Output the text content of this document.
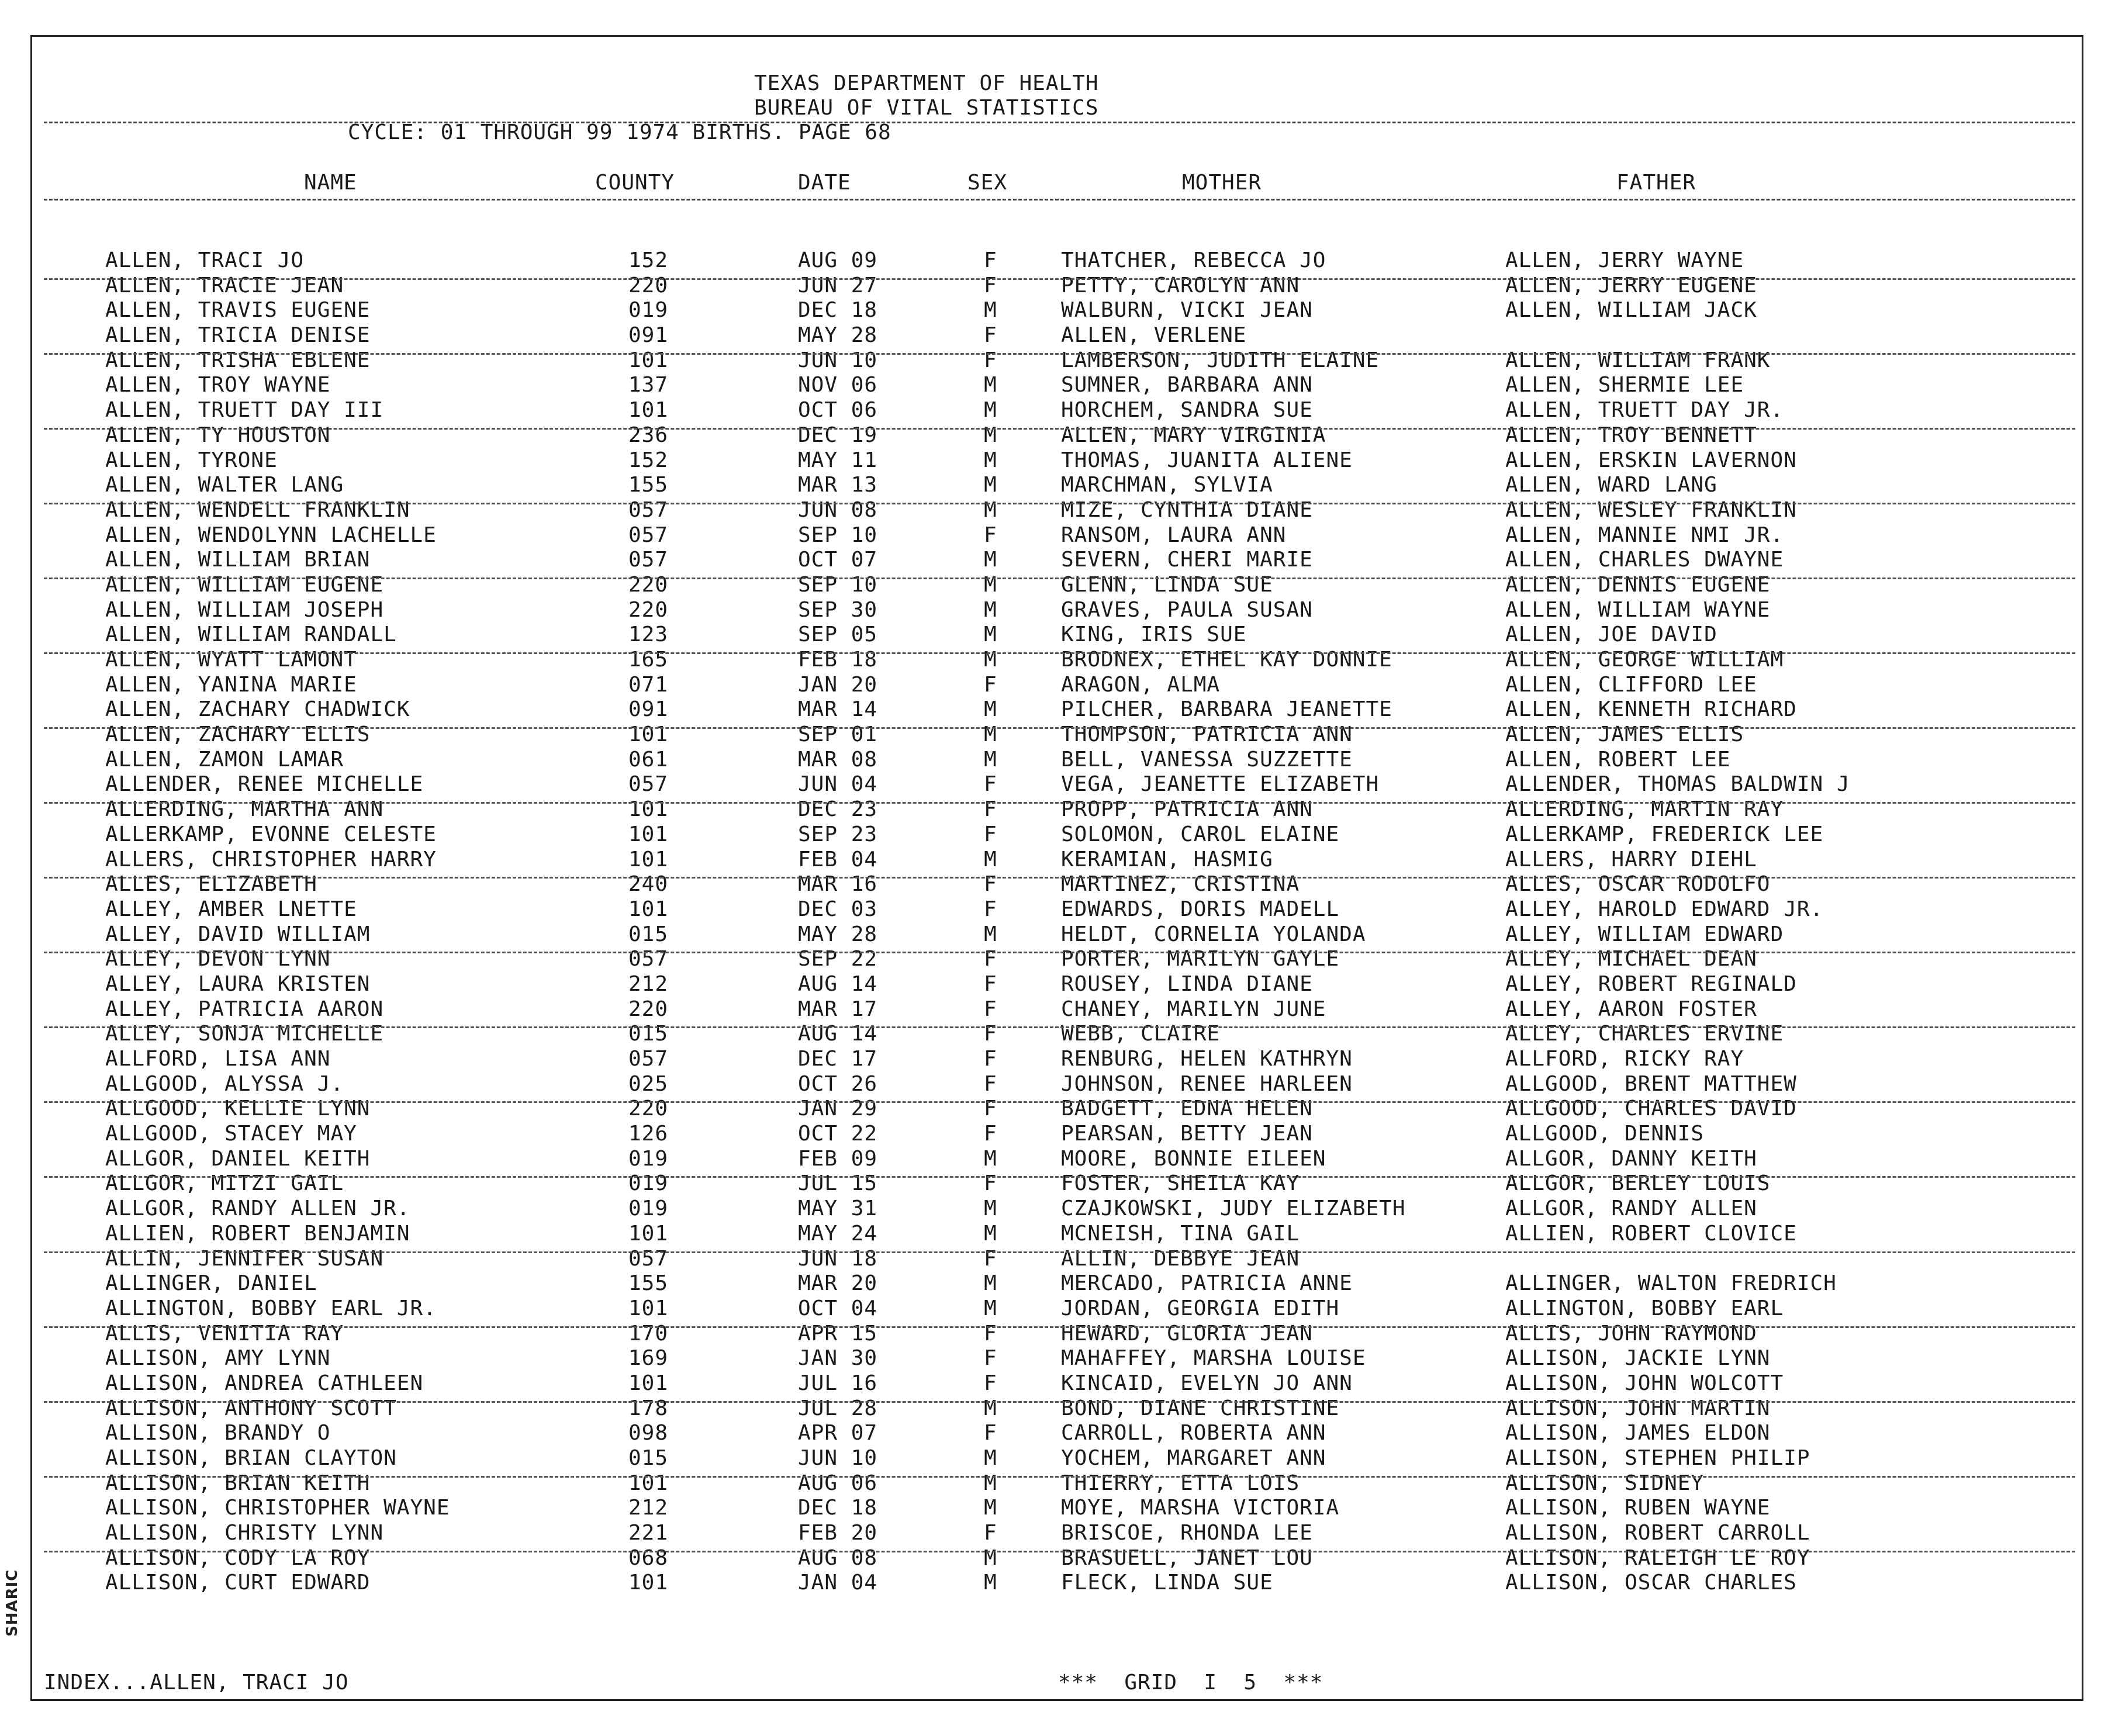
SHARIC
TEXAS DEPARTMENT OF HEALTH
BUREAU OF VITAL STATISTICS
CYCLE: 01 THROUGH 99 1974 BIRTHS. PAGE 68
NAME	COUNTY	DATE	SEX	MOTHER	FATHER
ALLEN, TRACI JO	152	AUG 09	F	THATCHER, REBECCA JO	ALLEN, JERRY WAYNE
ALLEN, TRACIE JEAN	220	JUN 27	F	PETTY, CAROLYN ANN	ALLEN, JERRY EUGENE
ALLEN, TRAVIS EUGENE	019	DEC 18	M	WALBURN, VICKI JEAN	ALLEN, WILLIAM JACK
ALLEN, TRICIA DENISE	091	MAY 28	F	ALLEN, VERLENE
ALLEN, TRISHA EBLENE	101	JUN 10	F	LAMBERSON, JUDITH ELAINE	ALLEN, WILLIAM FRANK
ALLEN, TROY WAYNE	137	NOV 06	M	SUMNER, BARBARA ANN	ALLEN, SHERMIE LEE
ALLEN, TRUETT DAY III	101	OCT 06	M	HORCHEM, SANDRA SUE	ALLEN, TRUETT DAY JR.
ALLEN, TY HOUSTON	236	DEC 19	M	ALLEN, MARY VIRGINIA	ALLEN, TROY BENNETT
ALLEN, TYRONE	152	MAY 11	M	THOMAS, JUANITA ALIENE	ALLEN, ERSKIN LAVERNON
ALLEN, WALTER LANG	155	MAR 13	M	MARCHMAN, SYLVIA	ALLEN, WARD LANG
ALLEN, WENDELL FRANKLIN	057	JUN 08	M	MIZE, CYNTHIA DIANE	ALLEN, WESLEY FRANKLIN
ALLEN, WENDOLYNN LACHELLE	057	SEP 10	F	RANSOM, LAURA ANN	ALLEN, MANNIE NMI JR.
ALLEN, WILLIAM BRIAN	057	OCT 07	M	SEVERN, CHERI MARIE	ALLEN, CHARLES DWAYNE
ALLEN, WILLIAM EUGENE	220	SEP 10	M	GLENN, LINDA SUE	ALLEN, DENNIS EUGENE
ALLEN, WILLIAM JOSEPH	220	SEP 30	M	GRAVES, PAULA SUSAN	ALLEN, WILLIAM WAYNE
ALLEN, WILLIAM RANDALL	123	SEP 05	M	KING, IRIS SUE	ALLEN, JOE DAVID
ALLEN, WYATT LAMONT	165	FEB 18	M	BRODNEX, ETHEL KAY DONNIE	ALLEN, GEORGE WILLIAM
ALLEN, YANINA MARIE	071	JAN 20	F	ARAGON, ALMA	ALLEN, CLIFFORD LEE
ALLEN, ZACHARY CHADWICK	091	MAR 14	M	PILCHER, BARBARA JEANETTE	ALLEN, KENNETH RICHARD
ALLEN, ZACHARY ELLIS	101	SEP 01	M	THOMPSON, PATRICIA ANN	ALLEN, JAMES ELLIS
ALLEN, ZAMON LAMAR	061	MAR 08	M	BELL, VANESSA SUZZETTE	ALLEN, ROBERT LEE
ALLENDER, RENEE MICHELLE	057	JUN 04	F	VEGA, JEANETTE ELIZABETH	ALLENDER, THOMAS BALDWIN J
ALLERDING, MARTHA ANN	101	DEC 23	F	PROPP, PATRICIA ANN	ALLERDING, MARTIN RAY
ALLERKAMP, EVONNE CELESTE	101	SEP 23	F	SOLOMON, CAROL ELAINE	ALLERKAMP, FREDERICK LEE
ALLERS, CHRISTOPHER HARRY	101	FEB 04	M	KERAMIAN, HASMIG	ALLERS, HARRY DIEHL
ALLES, ELIZABETH	240	MAR 16	F	MARTINEZ, CRISTINA	ALLES, OSCAR RODOLFO
ALLEY, AMBER LNETTE	101	DEC 03	F	EDWARDS, DORIS MADELL	ALLEY, HAROLD EDWARD JR.
ALLEY, DAVID WILLIAM	015	MAY 28	M	HELDT, CORNELIA YOLANDA	ALLEY, WILLIAM EDWARD
ALLEY, DEVON LYNN	057	SEP 22	F	PORTER, MARILYN GAYLE	ALLEY, MICHAEL DEAN
ALLEY, LAURA KRISTEN	212	AUG 14	F	ROUSEY, LINDA DIANE	ALLEY, ROBERT REGINALD
ALLEY, PATRICIA AARON	220	MAR 17	F	CHANEY, MARILYN JUNE	ALLEY, AARON FOSTER
ALLEY, SONJA MICHELLE	015	AUG 14	F	WEBB, CLAIRE	ALLEY, CHARLES ERVINE
ALLFORD, LISA ANN	057	DEC 17	F	RENBURG, HELEN KATHRYN	ALLFORD, RICKY RAY
ALLGOOD, ALYSSA J.	025	OCT 26	F	JOHNSON, RENEE HARLEEN	ALLGOOD, BRENT MATTHEW
ALLGOOD, KELLIE LYNN	220	JAN 29	F	BADGETT, EDNA HELEN	ALLGOOD, CHARLES DAVID
ALLGOOD, STACEY MAY	126	OCT 22	F	PEARSAN, BETTY JEAN	ALLGOOD, DENNIS
ALLGOR, DANIEL KEITH	019	FEB 09	M	MOORE, BONNIE EILEEN	ALLGOR, DANNY KEITH
ALLGOR, MITZI GAIL	019	JUL 15	F	FOSTER, SHEILA KAY	ALLGOR, BERLEY LOUIS
ALLGOR, RANDY ALLEN JR.	019	MAY 31	M	CZAJKOWSKI, JUDY ELIZABETH	ALLGOR, RANDY ALLEN
ALLIEN, ROBERT BENJAMIN	101	MAY 24	M	MCNEISH, TINA GAIL	ALLIEN, ROBERT CLOVICE
ALLIN, JENNIFER SUSAN	057	JUN 18	F	ALLIN, DEBBYE JEAN
ALLINGER, DANIEL	155	MAR 20	M	MERCADO, PATRICIA ANNE	ALLINGER, WALTON FREDRICH
ALLINGTON, BOBBY EARL JR.	101	OCT 04	M	JORDAN, GEORGIA EDITH	ALLINGTON, BOBBY EARL
ALLIS, VENITIA RAY	170	APR 15	F	HEWARD, GLORIA JEAN	ALLIS, JOHN RAYMOND
ALLISON, AMY LYNN	169	JAN 30	F	MAHAFFEY, MARSHA LOUISE	ALLISON, JACKIE LYNN
ALLISON, ANDREA CATHLEEN	101	JUL 16	F	KINCAID, EVELYN JO ANN	ALLISON, JOHN WOLCOTT
ALLISON, ANTHONY SCOTT	178	JUL 28	M	BOND, DIANE CHRISTINE	ALLISON, JOHN MARTIN
ALLISON, BRANDY O	098	APR 07	F	CARROLL, ROBERTA ANN	ALLISON, JAMES ELDON
ALLISON, BRIAN CLAYTON	015	JUN 10	M	YOCHEM, MARGARET ANN	ALLISON, STEPHEN PHILIP
ALLISON, BRIAN KEITH	101	AUG 06	M	THIERRY, ETTA LOIS	ALLISON, SIDNEY
ALLISON, CHRISTOPHER WAYNE	212	DEC 18	M	MOYE, MARSHA VICTORIA	ALLISON, RUBEN WAYNE
ALLISON, CHRISTY LYNN	221	FEB 20	F	BRISCOE, RHONDA LEE	ALLISON, ROBERT CARROLL
ALLISON, CODY LA ROY	068	AUG 08	M	BRASUELL, JANET LOU	ALLISON, RALEIGH LE ROY
ALLISON, CURT EDWARD	101	JAN 04	M	FLECK, LINDA SUE	ALLISON, OSCAR CHARLES
INDEX...ALLEN, TRACI JO	***  GRID  I  5  ***
